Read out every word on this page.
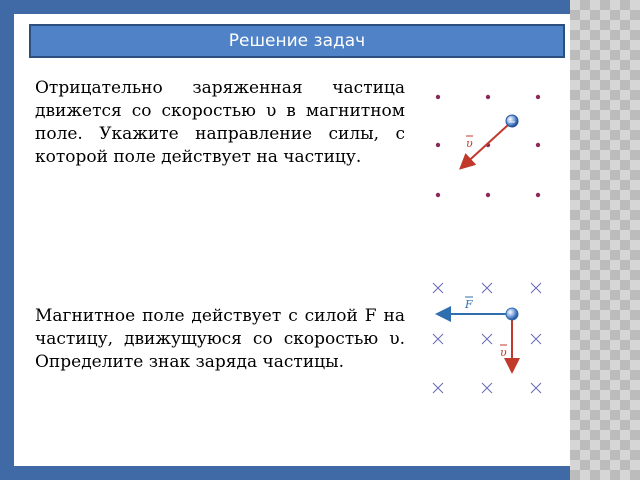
Решение задач
Отрицательно заряженная частица движется со скоростью υ в магнитном поле. Укажите направление силы, с которой поле действует на частицу.
υ
−
Магнитное поле действует с силой F на частицу, движущуюся со скоростью υ. Определите знак заряда частицы.
F
υ
